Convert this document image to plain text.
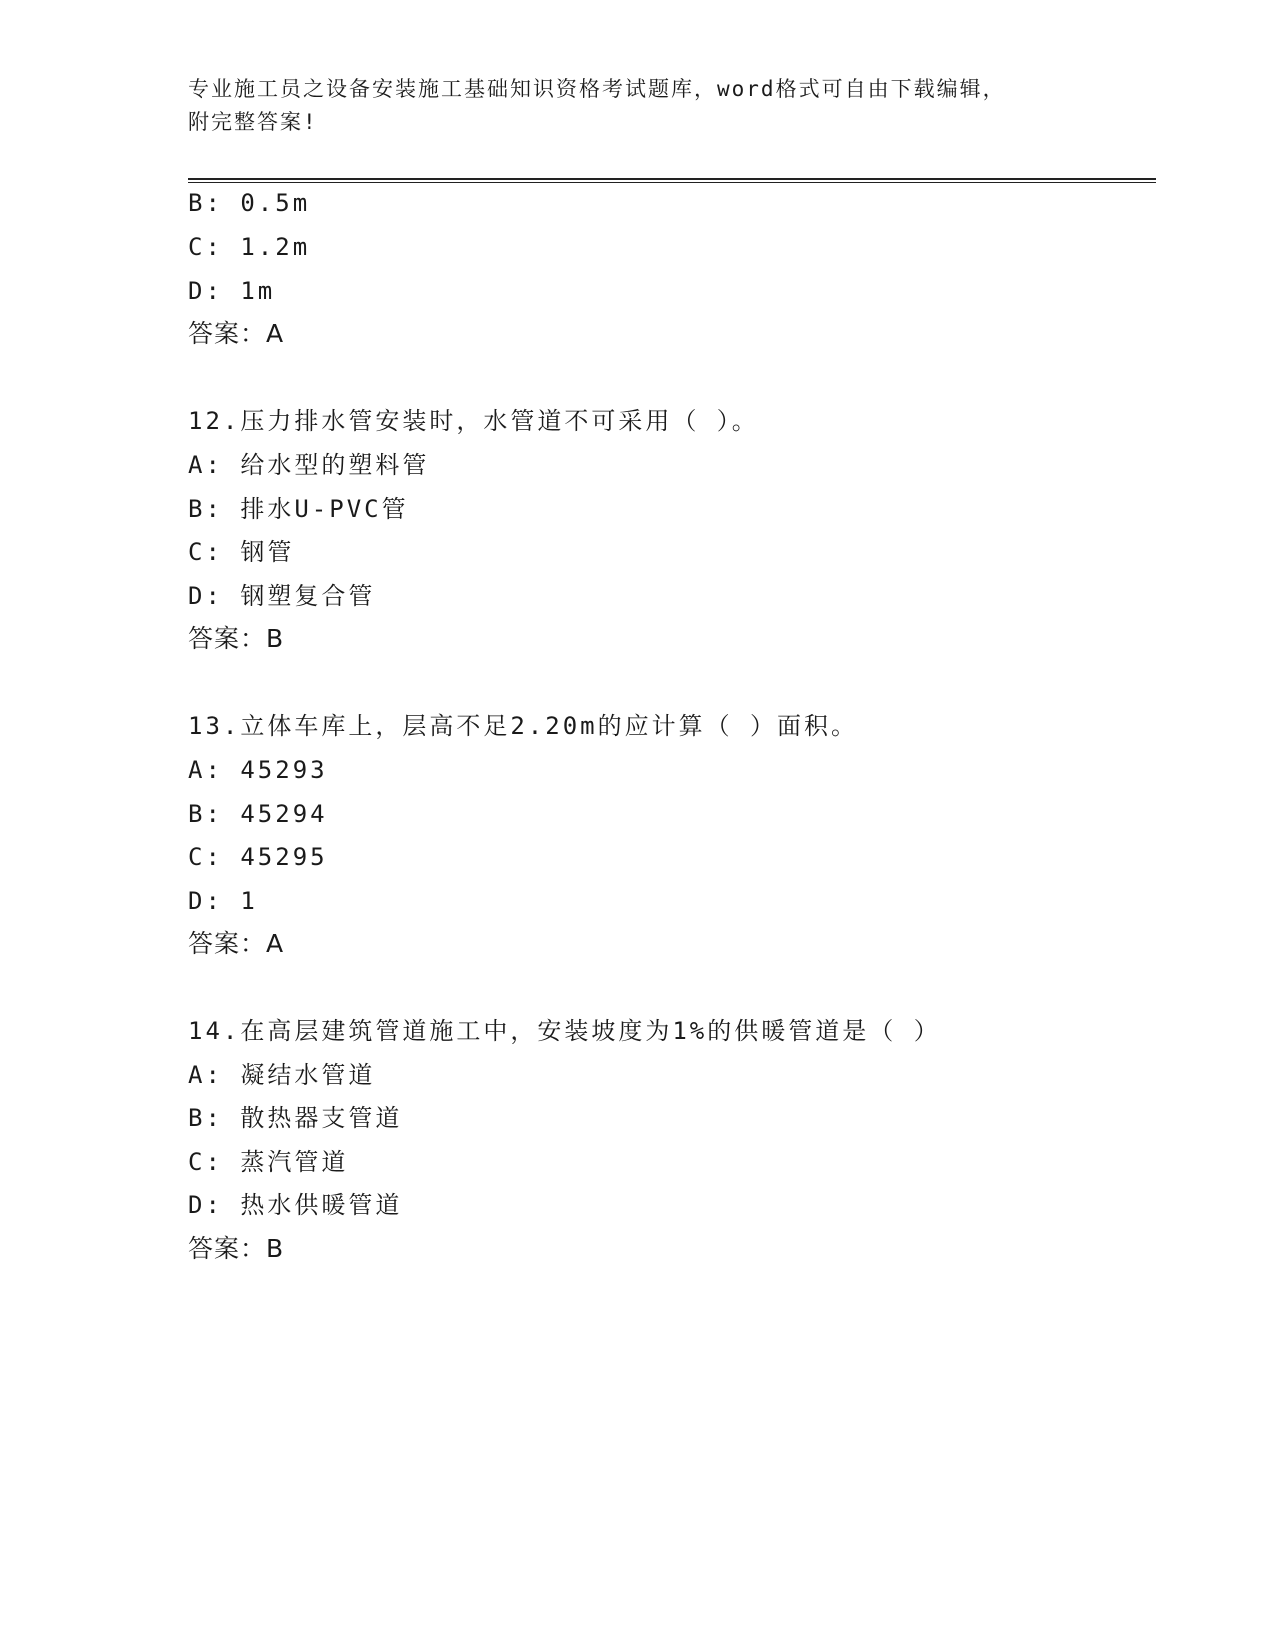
专业施工员之设备安装施工基础知识资格考试题库，word格式可自由下载编辑，
附完整答案!
B: 0.5m
C: 1.2m
D: 1m
答案：A
12.压力排水管安装时，水管道不可采用（ ）。
A: 给水型的塑料管
B: 排水U-PVC管
C: 钢管
D: 钢塑复合管
答案：B
13.立体车库上，层高不足2.20m的应计算（ ）面积。
A: 45293
B: 45294
C: 45295
D: 1
答案：A
14.在高层建筑管道施工中，安装坡度为1%的供暖管道是（ ）
A: 凝结水管道
B: 散热器支管道
C: 蒸汽管道
D: 热水供暖管道
答案：B
